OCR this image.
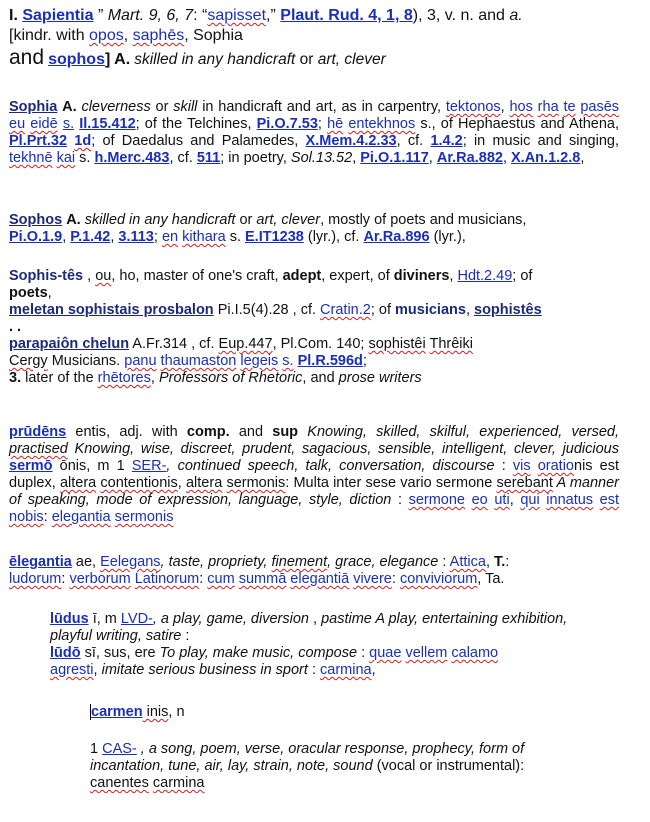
I. Sapientia ” Mart. 9, 6, 7: “sapisset,” Plaut. Rud. 4, 1, 8), 3, v. n. and a.

[kindr. with opos, saphēs, Sophia

and sophos] A. skilled in any handicraft or art, clever

Sophia A. cleverness or skill in handicraft and art, as in carpentry, tektonos, hos rha te pasēs eu eidē s. Il.15.412; of the Telchines, Pi.O.7.53; hē entekhnos s., of Hephaestus and Athena, Pl.Prt.32 1d; of Daedalus and Palamedes, X.Mem.4.2.33, cf. 1.4.2; in music and singing, tekhnē kai s. h.Merc.483, cf. 511; in poetry, Sol.13.52, Pi.O.1.117, Ar.Ra.882, X.An.1.2.8,

Sophos A. skilled in any handicraft or art, clever, mostly of poets and musicians,

Pi.O.1.9, P.1.42, 3.113; en kithara s. E.IT1238 (lyr.), cf. Ar.Ra.896 (lyr.),

Sophis-tês , ou, ho, master of one's craft, adept, expert, of diviners, Hdt.2.49; of

poets,

meletan sophistais prosbalon Pi.I.5(4).28 , cf. Cratin.2; of musicians, sophistês

. .

parapaiôn chelun A.Fr.314 , cf. Eup.447, Pl.Com. 140; sophistêi Thrêiki

Cergy Musicians. panu thaumaston legeis s. Pl.R.596d;

3. later of the rhētores, Professors of Rhetoric, and prose writers

prūdēns entis, adj. with comp. and sup Knowing, skilled, skilful, experienced, versed, practised Knowing, wise, discreet, prudent, sagacious, sensible, intelligent, clever, judicious sermō ōnis, m 1 SER-, continued speech, talk, conversation, discourse : vis orationis est duplex, altera contentionis, altera sermonis: Multa inter sese vario sermone serebant A manner of speaking, mode of expression, language, style, diction : sermone eo uti, qui innatus est nobis: elegantia sermonis

ēlegantia ae, Eelegans, taste, propriety, finement, grace, elegance : Attica, T.:

ludorum: verborum Latinorum: cum summā elegantiā vivere: conviviorum, Ta.

lūdus ī, m LVD-, a play, game, diversion , pastime A play, entertaining exhibition, playful writing, satire :

lūdō sī, sus, ere To play, make music, compose : quae vellem calamo

agresti, imitate serious business in sport : carmina,

carmen inis, n

1 CAS- , a song, poem, verse, oracular response, prophecy, form of incantation, tune, air, lay, strain, note, sound (vocal or instrumental): canentes carmina
